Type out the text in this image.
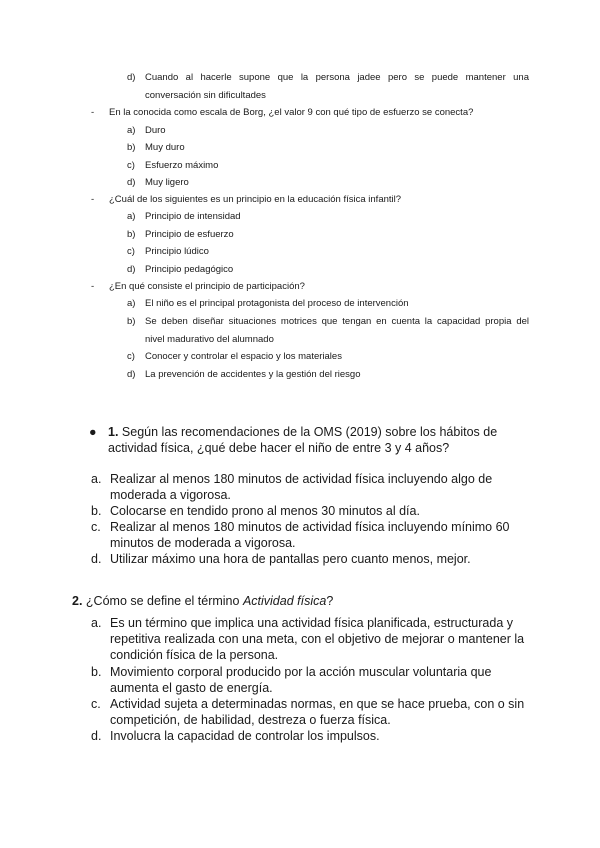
d)	Cuando al hacerle supone que la persona jadee pero se puede mantener una
conversación sin dificultades
-	En la conocida como escala de Borg, ¿el valor 9 con qué tipo de esfuerzo se conecta?
a)	Duro
b)	Muy duro
c)	Esfuerzo máximo
d)	Muy ligero
-	¿Cuál de los siguientes es un principio en la educación física infantil?
a)	Principio de intensidad
b)	Principio de esfuerzo
c)	Principio lúdico
d)	Principio pedagógico
-	¿En qué consiste el principio de participación?
a)	El niño es el principal protagonista del proceso de intervención
b)	Se deben diseñar situaciones motrices que tengan en cuenta la capacidad propia del
nivel madurativo del alumnado
c)	Conocer y controlar el espacio y los materiales
d)	La prevención de accidentes y la gestión del riesgo
● 1. Según las recomendaciones de la OMS (2019) sobre los hábitos de
actividad física, ¿qué debe hacer el niño de entre 3 y 4 años?
a. Realizar al menos 180 minutos de actividad física incluyendo algo de
moderada a vigorosa.
b. Colocarse en tendido prono al menos 30 minutos al día.
c. Realizar al menos 180 minutos de actividad física incluyendo mínimo 60
minutos de moderada a vigorosa.
d. Utilizar máximo una hora de pantallas pero cuanto menos, mejor.
2. ¿Cómo se define el término Actividad física?
a. Es un término que implica una actividad física planificada, estructurada y
repetitiva realizada con una meta, con el objetivo de mejorar o mantener la
condición física de la persona.
b. Movimiento corporal producido por la acción muscular voluntaria que
aumenta el gasto de energía.
c. Actividad sujeta a determinadas normas, en que se hace prueba, con o sin
competición, de habilidad, destreza o fuerza física.
d. Involucra la capacidad de controlar los impulsos.
